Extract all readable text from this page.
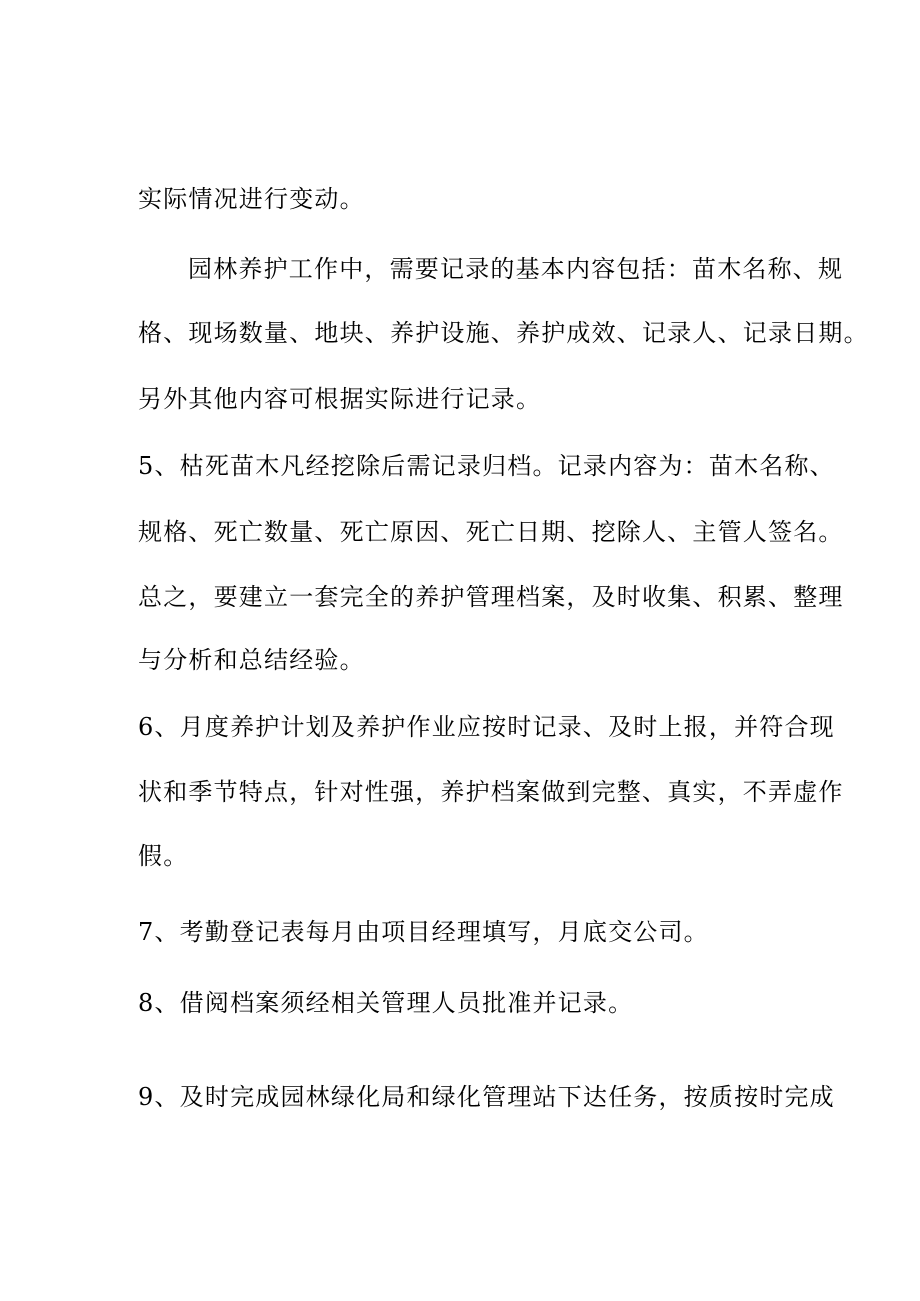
实际情况进行变动。
园林养护工作中，需要记录的基本内容包括：苗木名称、规
格、现场数量、地块、养护设施、养护成效、记录人、记录日期。
另外其他内容可根据实际进行记录。
5、枯死苗木凡经挖除后需记录归档。记录内容为：苗木名称、
规格、死亡数量、死亡原因、死亡日期、挖除人、主管人签名。
总之，要建立一套完全的养护管理档案，及时收集、积累、整理
与分析和总结经验。
6、月度养护计划及养护作业应按时记录、及时上报，并符合现
状和季节特点，针对性强，养护档案做到完整、真实，不弄虚作
假。
7、考勤登记表每月由项目经理填写，月底交公司。
8、借阅档案须经相关管理人员批准并记录。
9、及时完成园林绿化局和绿化管理站下达任务，按质按时完成
